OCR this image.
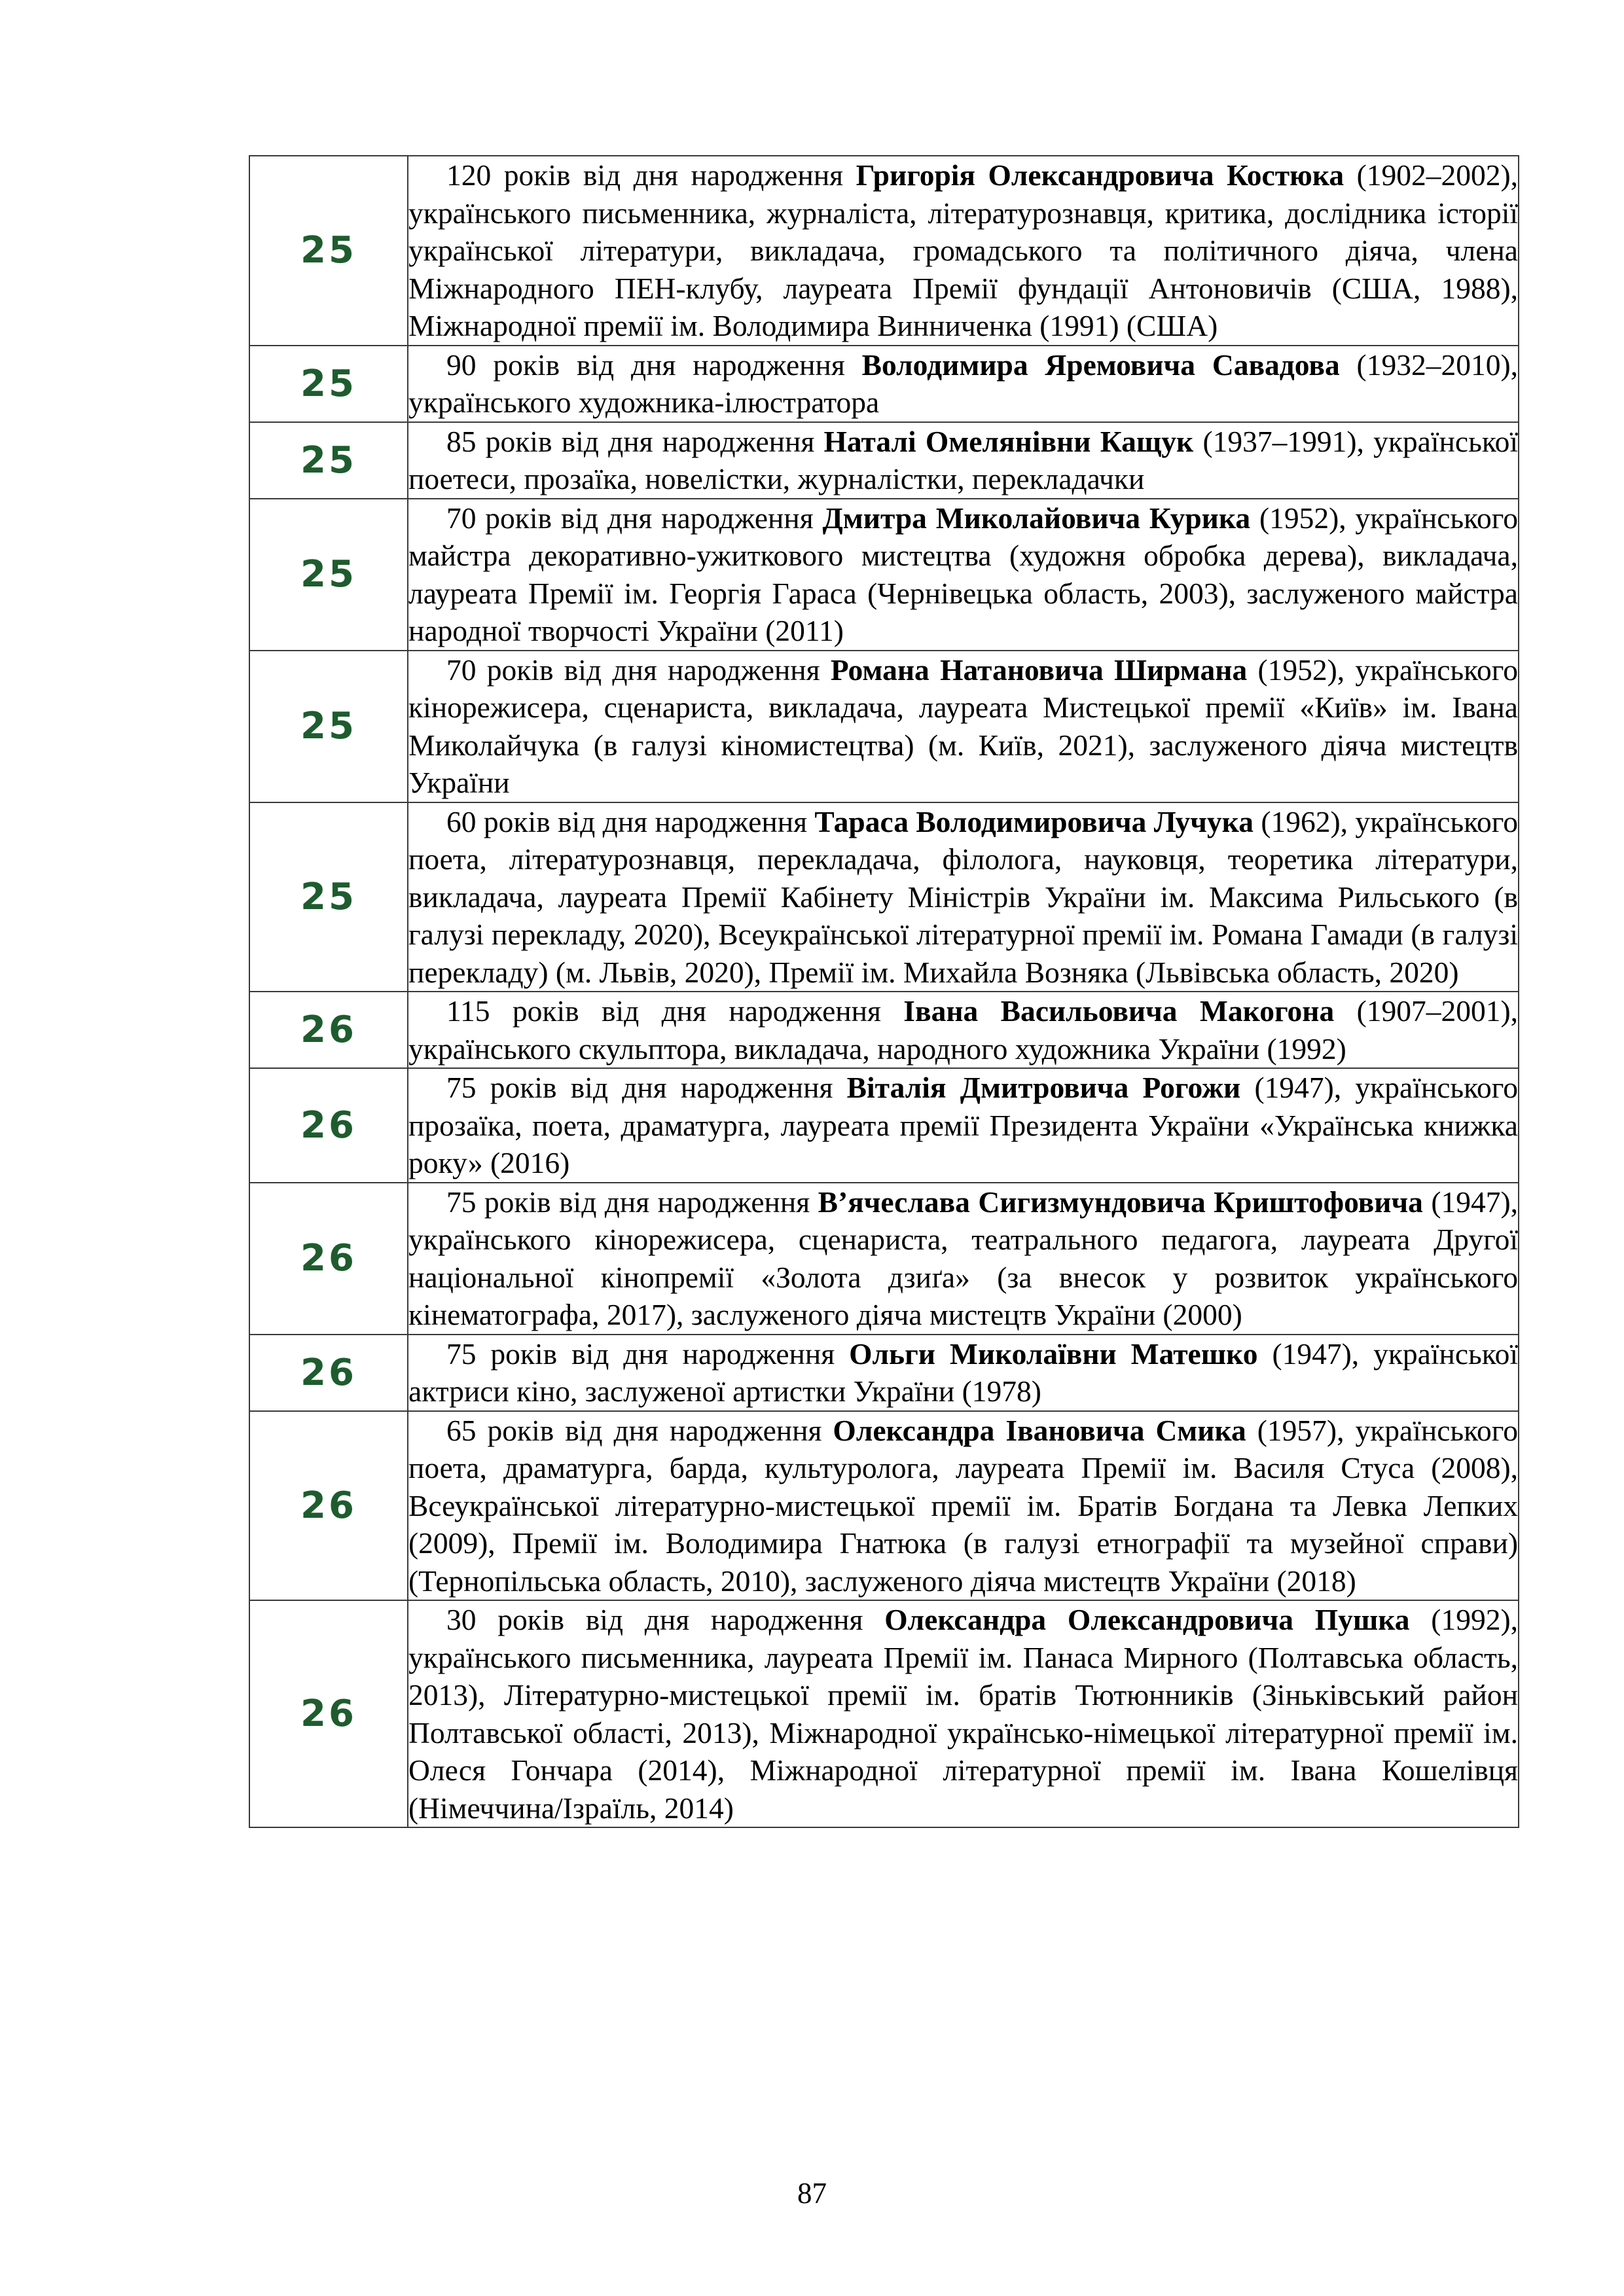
25	120 років від дня народження Григорія Олександровича Костюка (1902–2002), українського письменника, журналіста, літературознавця, критика, дослідника історії української літератури, викладача, громадського та політичного діяча, члена Міжнародного ПЕН-клубу, лауреата Премії фундації Антоновичів (США, 1988), Міжнародної премії ім. Володимира Винниченка (1991) (США)

25	90 років від дня народження Володимира Яремовича Савадова (1932–2010), українського художника-ілюстратора

25	85 років від дня народження Наталі Омелянівни Кащук (1937–1991), української поетеси, прозаїка, новелістки, журналістки, перекладачки

25	70 років від дня народження Дмитра Миколайовича Курика (1952), українського майстра декоративно-ужиткового мистецтва (художня обробка дерева), викладача, лауреата Премії ім. Георгія Гараса (Чернівецька область, 2003), заслуженого майстра народної творчості України (2011)

25	70 років від дня народження Романа Натановича Ширмана (1952), українського кінорежисера, сценариста, викладача, лауреата Мистецької премії «Київ» ім. Івана Миколайчука (в галузі кіномистецтва) (м. Київ, 2021), заслуженого діяча мистецтв України

25	60 років від дня народження Тараса Володимировича Лучука (1962), українського поета, літературознавця, перекладача, філолога, науковця, теоретика літератури, викладача, лауреата Премії Кабінету Міністрів України ім. Максима Рильського (в галузі перекладу, 2020), Всеукраїнської літературної премії ім. Романа Гамади (в галузі перекладу) (м. Львів, 2020), Премії ім. Михайла Возняка (Львівська область, 2020)

26	115 років від дня народження Івана Васильовича Макогона (1907–2001), українського скульптора, викладача, народного художника України (1992)

26	75 років від дня народження Віталія Дмитровича Рогожи (1947), українського прозаїка, поета, драматурга, лауреата премії Президента України «Українська книжка року» (2016)

26	75 років від дня народження В’ячеслава Сигизмундовича Криштофовича (1947), українського кінорежисера, сценариста, театрального педагога, лауреата Другої національної кінопремії «Золота дзиґа» (за внесок у розвиток українського кінематографа, 2017), заслуженого діяча мистецтв України (2000)

26	75 років від дня народження Ольги Миколаївни Матешко (1947), української актриси кіно, заслуженої артистки України (1978)

26	65 років від дня народження Олександра Івановича Смика (1957), українського поета, драматурга, барда, культуролога, лауреата Премії ім. Василя Стуса (2008), Всеукраїнської літературно-мистецької премії ім. Братів Богдана та Левка Лепких (2009), Премії ім. Володимира Гнатюка (в галузі етнографії та музейної справи) (Тернопільська область, 2010), заслуженого діяча мистецтв України (2018)

26	30 років від дня народження Олександра Олександровича Пушка (1992), українського письменника, лауреата Премії ім. Панаса Мирного (Полтавська область, 2013), Літературно-мистецької премії ім. братів Тютюнників (Зіньківський район Полтавської області, 2013), Міжнародної українсько-німецької літературної премії ім. Олеся Гончара (2014), Міжнародної літературної премії ім. Івана Кошелівця (Німеччина/Ізраїль, 2014)

87
